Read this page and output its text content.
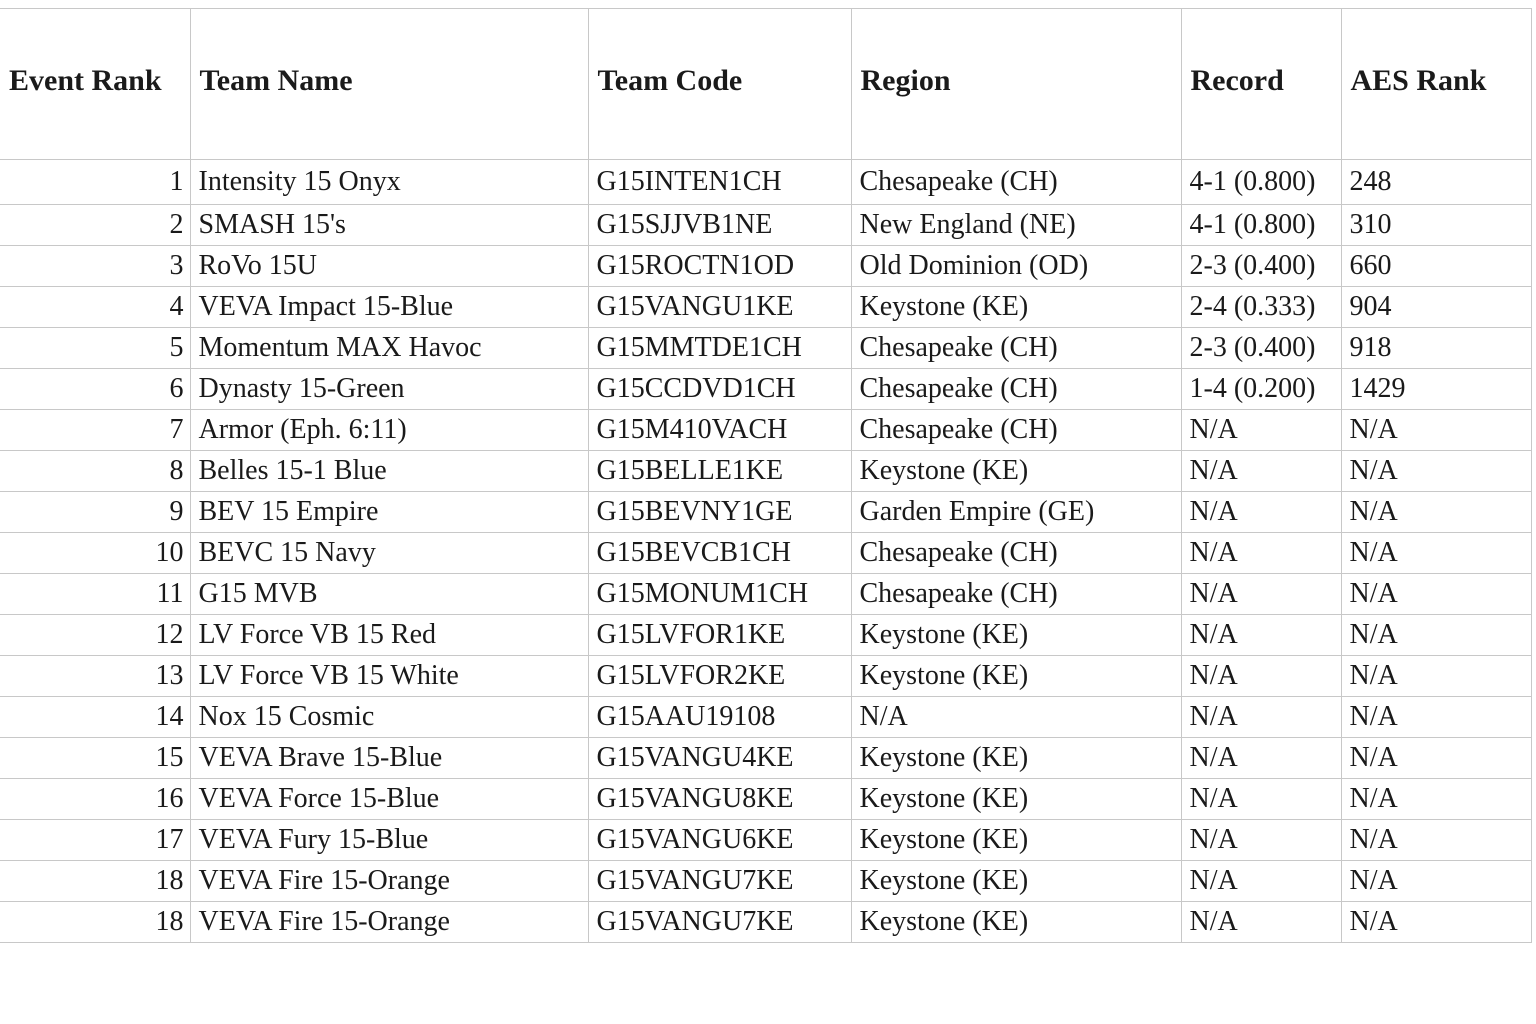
Event Rank	Team Name	Team Code	Region	Record	AES Rank
1	Intensity 15 Onyx	G15INTEN1CH	Chesapeake (CH)	4-1 (0.800)	248
2	SMASH 15's	G15SJJVB1NE	New England (NE)	4-1 (0.800)	310
3	RoVo 15U	G15ROCTN1OD	Old Dominion (OD)	2-3 (0.400)	660
4	VEVA Impact 15-Blue	G15VANGU1KE	Keystone (KE)	2-4 (0.333)	904
5	Momentum MAX Havoc	G15MMTDE1CH	Chesapeake (CH)	2-3 (0.400)	918
6	Dynasty 15-Green	G15CCDVD1CH	Chesapeake (CH)	1-4 (0.200)	1429
7	Armor (Eph. 6:11)	G15M410VACH	Chesapeake (CH)	N/A	N/A
8	Belles 15-1 Blue	G15BELLE1KE	Keystone (KE)	N/A	N/A
9	BEV 15 Empire	G15BEVNY1GE	Garden Empire (GE)	N/A	N/A
10	BEVC 15 Navy	G15BEVCB1CH	Chesapeake (CH)	N/A	N/A
11	G15 MVB	G15MONUM1CH	Chesapeake (CH)	N/A	N/A
12	LV Force VB 15 Red	G15LVFOR1KE	Keystone (KE)	N/A	N/A
13	LV Force VB 15 White	G15LVFOR2KE	Keystone (KE)	N/A	N/A
14	Nox 15 Cosmic	G15AAU19108	N/A	N/A	N/A
15	VEVA Brave 15-Blue	G15VANGU4KE	Keystone (KE)	N/A	N/A
16	VEVA Force 15-Blue	G15VANGU8KE	Keystone (KE)	N/A	N/A
17	VEVA Fury 15-Blue	G15VANGU6KE	Keystone (KE)	N/A	N/A
18	VEVA Fire 15-Orange	G15VANGU7KE	Keystone (KE)	N/A	N/A
18	VEVA Fire 15-Orange	G15VANGU7KE	Keystone (KE)	N/A	N/A
